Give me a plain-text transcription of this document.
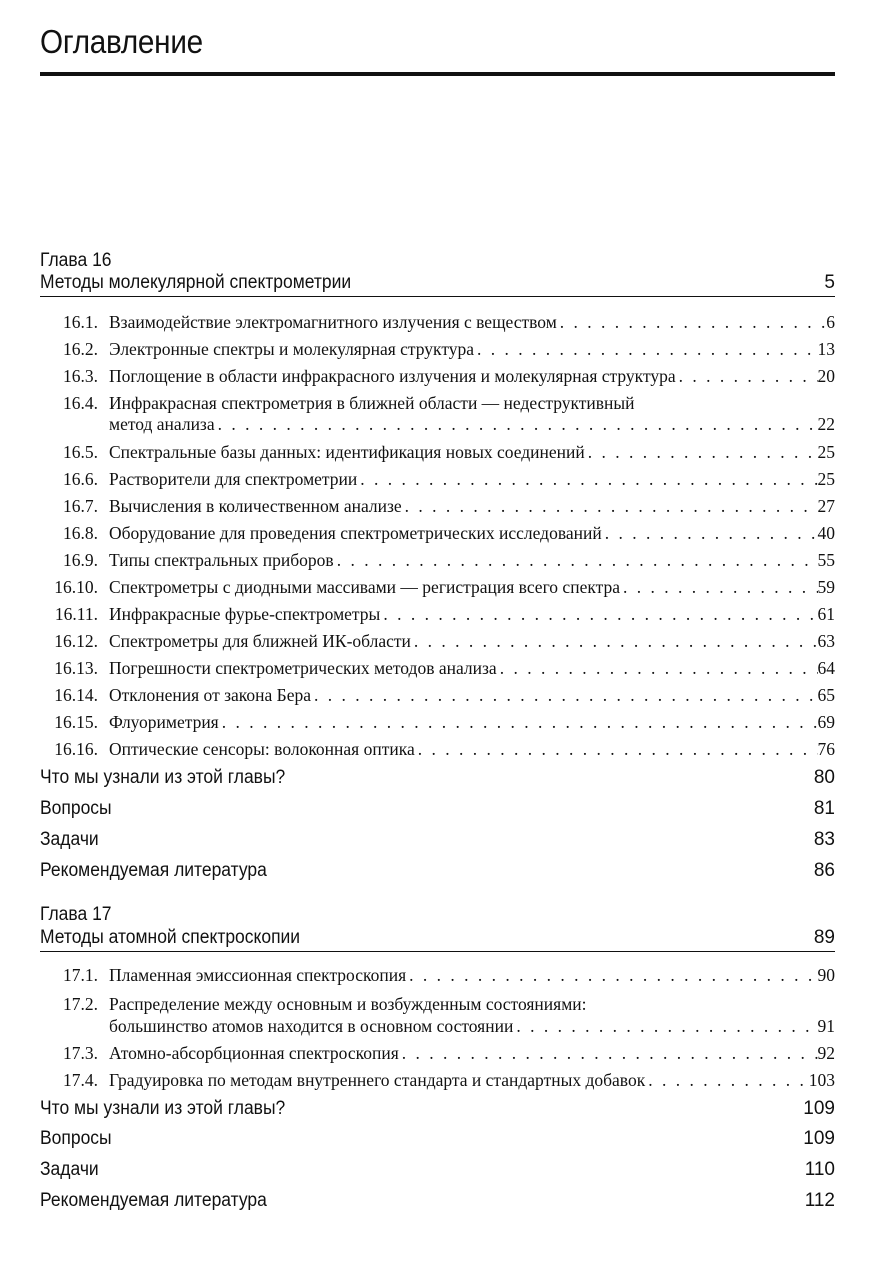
Оглавление
Глава 16
Методы молекулярной спектрометрии	5
16.1. Взаимодействие электромагнитного излучения с веществом . . .	6
16.2. Электронные спектры и молекулярная структура . . .	13
16.3. Поглощение в области инфракрасного излучения и молекулярная структура . . .	20
16.4. Инфракрасная спектрометрия в ближней области — недеструктивный
метод анализа . . .	22
16.5. Спектральные базы данных: идентификация новых соединений . . .	25
16.6. Растворители для спектрометрии . . .	25
16.7. Вычисления в количественном анализе . . .	27
16.8. Оборудование для проведения спектрометрических исследований . . .	40
16.9. Типы спектральных приборов . . .	55
16.10. Спектрометры с диодными массивами — регистрация всего спектра . . .	59
16.11. Инфракрасные фурье-спектрометры . . .	61
16.12. Спектрометры для ближней ИК-области . . .	63
16.13. Погрешности спектрометрических методов анализа . . .	64
16.14. Отклонения от закона Бера . . .	65
16.15. Флуориметрия . . .	69
16.16. Оптические сенсоры: волоконная оптика . . .	76
Что мы узнали из этой главы?	80
Вопросы	81
Задачи	83
Рекомендуемая литература	86
Глава 17
Методы атомной спектроскопии	89
17.1. Пламенная эмиссионная спектроскопия . . .	90
17.2. Распределение между основным и возбужденным состояниями:
большинство атомов находится в основном состоянии . . .	91
17.3. Атомно-абсорбционная спектроскопия . . .	92
17.4. Градуировка по методам внутреннего стандарта и стандартных добавок . . .	103
Что мы узнали из этой главы?	109
Вопросы	109
Задачи	110
Рекомендуемая литература	112
